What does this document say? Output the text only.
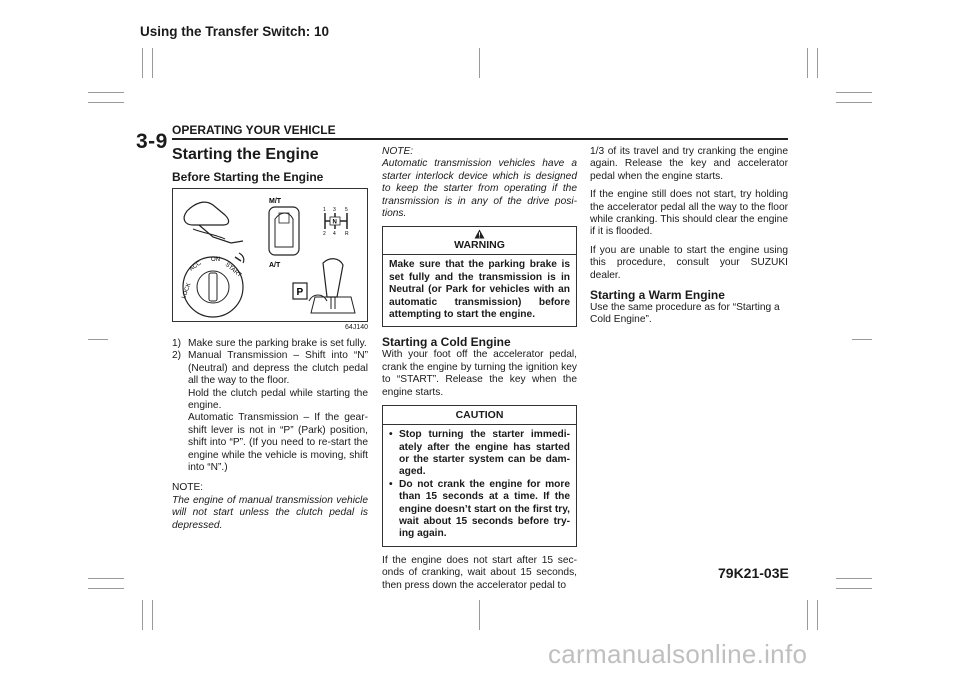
Using the Transfer Switch: 10
OPERATING YOUR VEHICLE
3-9
Starting the Engine
Before Starting the Engine
LOCK
ACC
ON
START
M/T
1 3 5
N
2 4 R
A/T
P
64J140
1) Make sure the parking brake is set fully.
2) Manual Transmission – Shift into “N” (Neutral) and depress the clutch pedal all the way to the floor.
Hold the clutch pedal while starting the engine.
Automatic Transmission – If the gear-shift lever is not in “P” (Park) position, shift into “P”. (If you need to re-start the engine while the vehicle is moving, shift into “N”.)

NOTE:

The engine of manual transmission vehicle will not start unless the clutch pedal is depressed.

NOTE:

Automatic transmission vehicles have a starter interlock device which is designed to keep the starter from operating if the transmission is in any of the drive posi-tions.

WARNING
Make sure that the parking brake is set fully and the transmission is in Neutral (or Park for vehicles with an automatic transmission) before attempting to start the engine.
Starting a Cold Engine

With your foot off the accelerator pedal, crank the engine by turning the ignition key to “START”. Release the key when the engine starts.

CAUTION
• Stop turning the starter immedi-ately after the engine has started or the starter system can be dam-aged.
• Do not crank the engine for more than 15 seconds at a time. If the engine doesn’t start on the first try, wait about 15 seconds before try-ing again.

If the engine does not start after 15 sec-onds of cranking, wait about 15 seconds, then press down the accelerator pedal to

1/3 of its travel and try cranking the engine again. Release the key and accelerator pedal when the engine starts.

If the engine still does not start, try holding the accelerator pedal all the way to the floor while cranking. This should clear the engine if it is flooded.

If you are unable to start the engine using this procedure, consult your SUZUKI dealer.

Starting a Warm Engine

Use the same procedure as for “Starting a Cold Engine”.

79K21-03E
carmanualsonline.info
